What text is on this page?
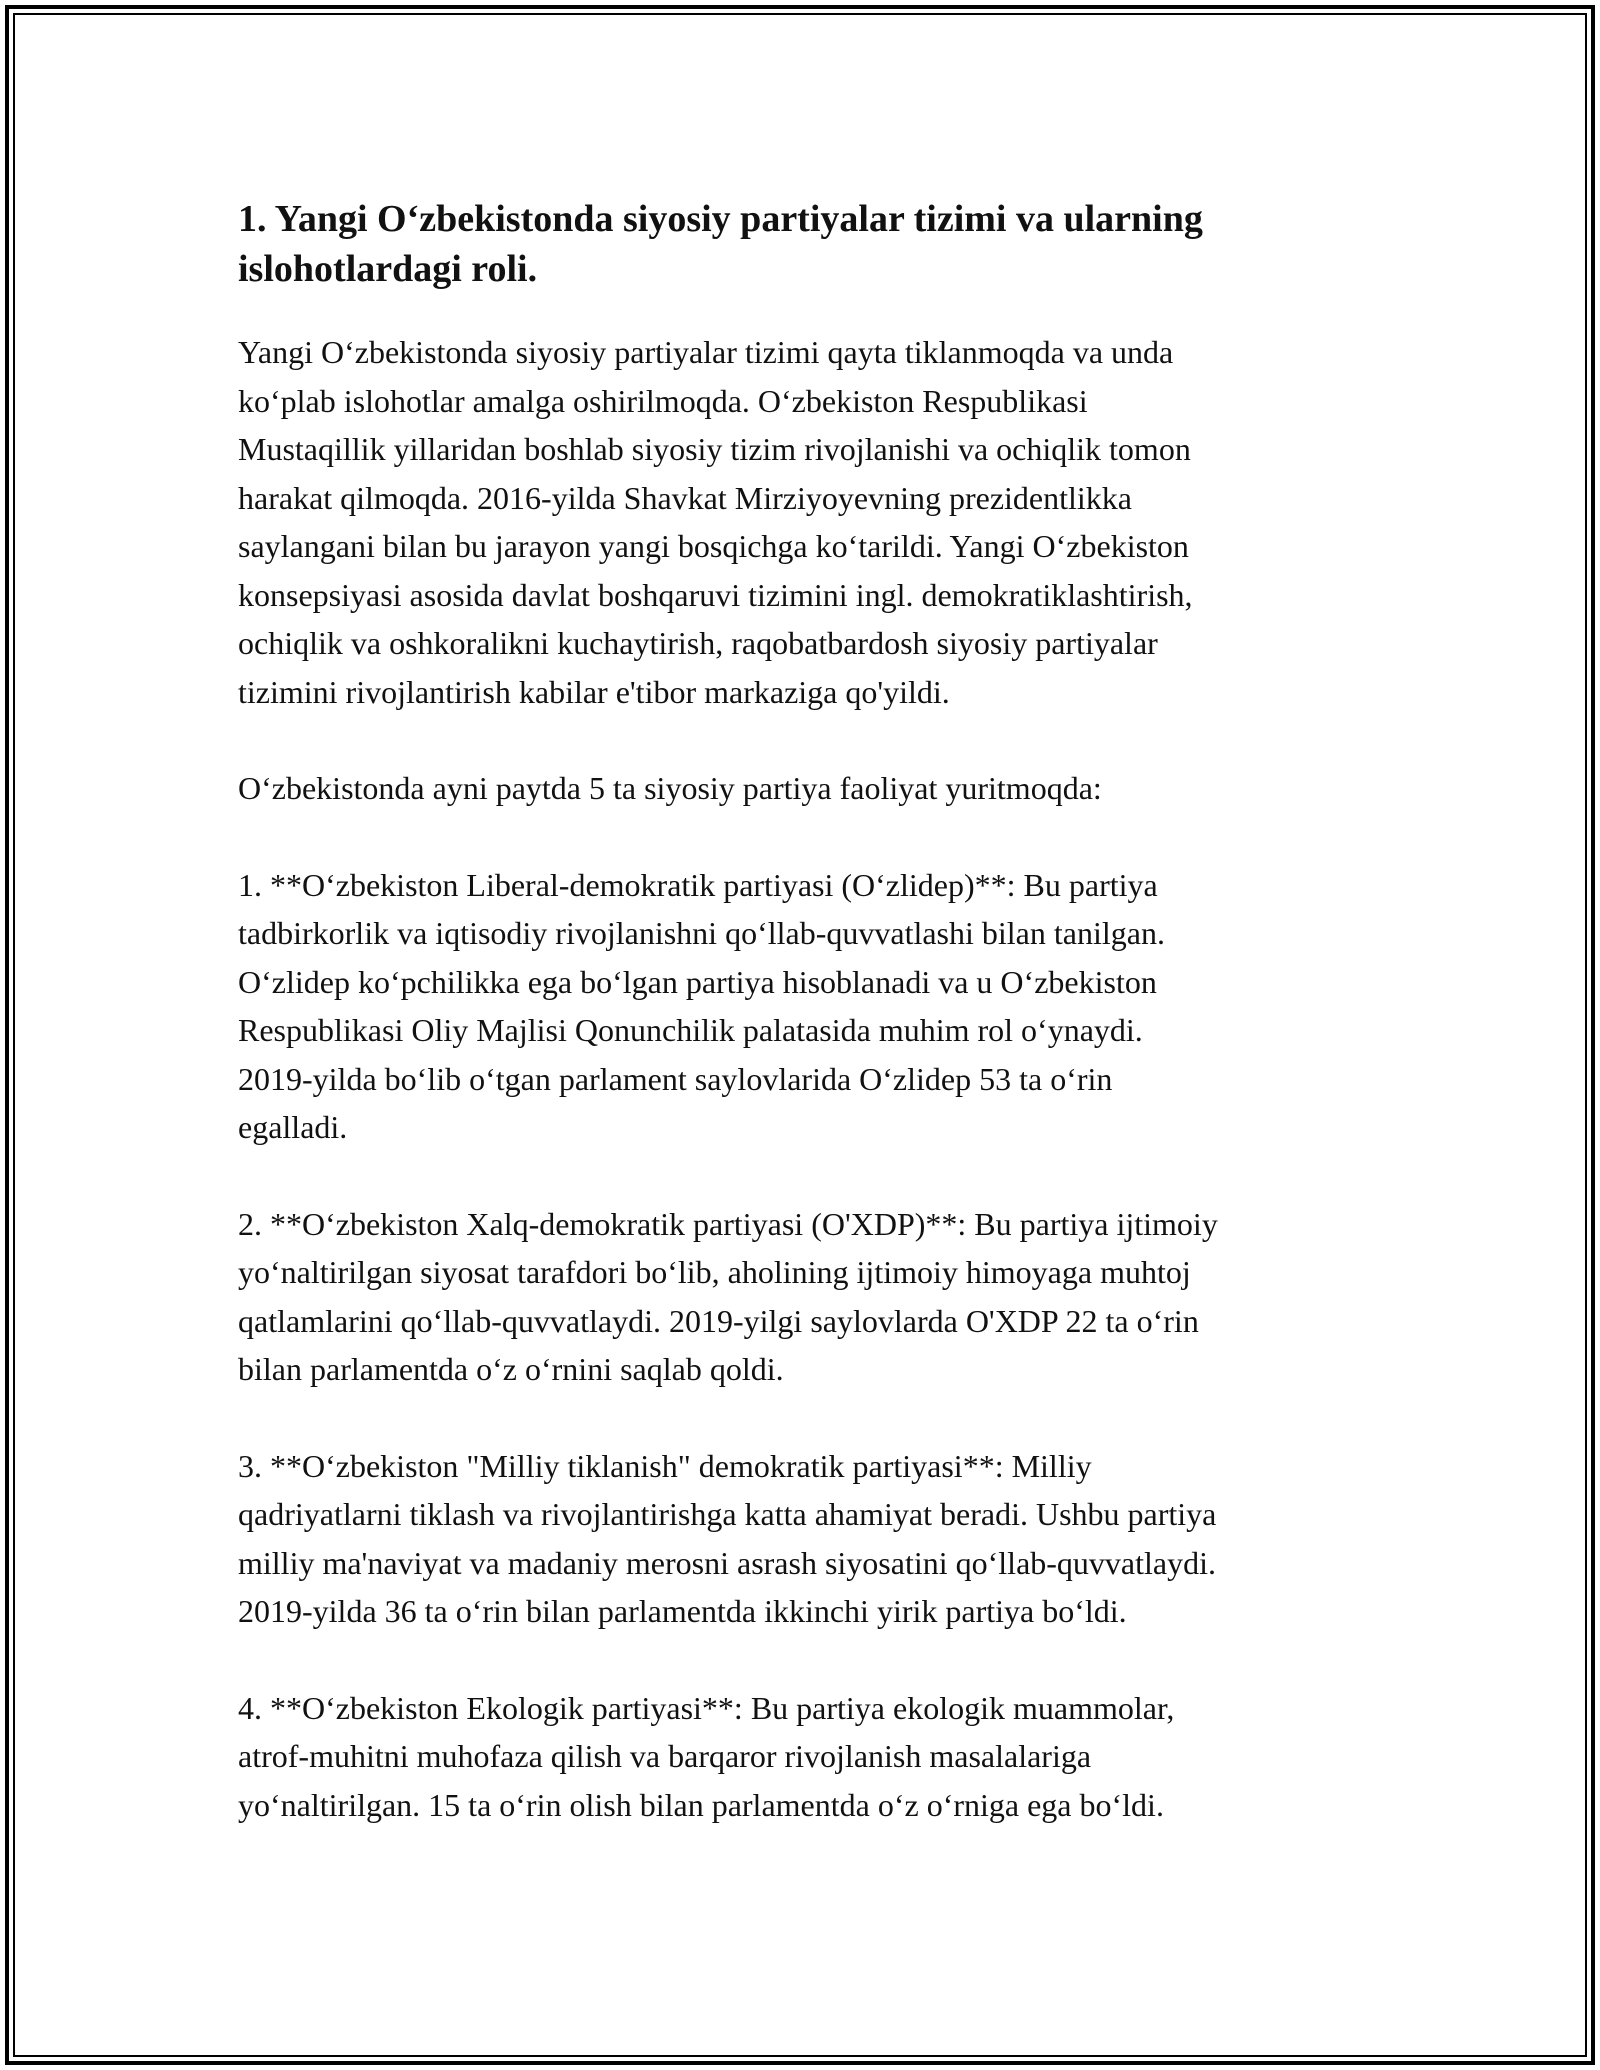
1. Yangi O‘zbekistonda siyosiy partiyalar tizimi va ularning
islohotlardagi roli.

Yangi O‘zbekistonda siyosiy partiyalar tizimi qayta tiklanmoqda va unda
ko‘plab islohotlar amalga oshirilmoqda. O‘zbekiston Respublikasi
Mustaqillik yillaridan boshlab siyosiy tizim rivojlanishi va ochiqlik tomon
harakat qilmoqda. 2016-yilda Shavkat Mirziyoyevning prezidentlikka
saylangani bilan bu jarayon yangi bosqichga ko‘tarildi. Yangi O‘zbekiston
konsepsiyasi asosida davlat boshqaruvi tizimini ingl. demokratiklashtirish,
ochiqlik va oshkoralikni kuchaytirish, raqobatbardosh siyosiy partiyalar
tizimini rivojlantirish kabilar e'tibor markaziga qo'yildi.

O‘zbekistonda ayni paytda 5 ta siyosiy partiya faoliyat yuritmoqda:

1. **O‘zbekiston Liberal-demokratik partiyasi (O‘zlidep)**: Bu partiya
tadbirkorlik va iqtisodiy rivojlanishni qo‘llab-quvvatlashi bilan tanilgan.
O‘zlidep ko‘pchilikka ega bo‘lgan partiya hisoblanadi va u O‘zbekiston
Respublikasi Oliy Majlisi Qonunchilik palatasida muhim rol o‘ynaydi.
2019-yilda bo‘lib o‘tgan parlament saylovlarida O‘zlidep 53 ta o‘rin
egalladi.

2. **O‘zbekiston Xalq-demokratik partiyasi (O'XDP)**: Bu partiya ijtimoiy
yo‘naltirilgan siyosat tarafdori bo‘lib, aholining ijtimoiy himoyaga muhtoj
qatlamlarini qo‘llab-quvvatlaydi. 2019-yilgi saylovlarda O'XDP 22 ta o‘rin
bilan parlamentda o‘z o‘rnini saqlab qoldi.

3. **O‘zbekiston "Milliy tiklanish" demokratik partiyasi**: Milliy
qadriyatlarni tiklash va rivojlantirishga katta ahamiyat beradi. Ushbu partiya
milliy ma'naviyat va madaniy merosni asrash siyosatini qo‘llab-quvvatlaydi.
2019-yilda 36 ta o‘rin bilan parlamentda ikkinchi yirik partiya bo‘ldi.

4. **O‘zbekiston Ekologik partiyasi**: Bu partiya ekologik muammolar,
atrof-muhitni muhofaza qilish va barqaror rivojlanish masalalariga
yo‘naltirilgan. 15 ta o‘rin olish bilan parlamentda o‘z o‘rniga ega bo‘ldi.
